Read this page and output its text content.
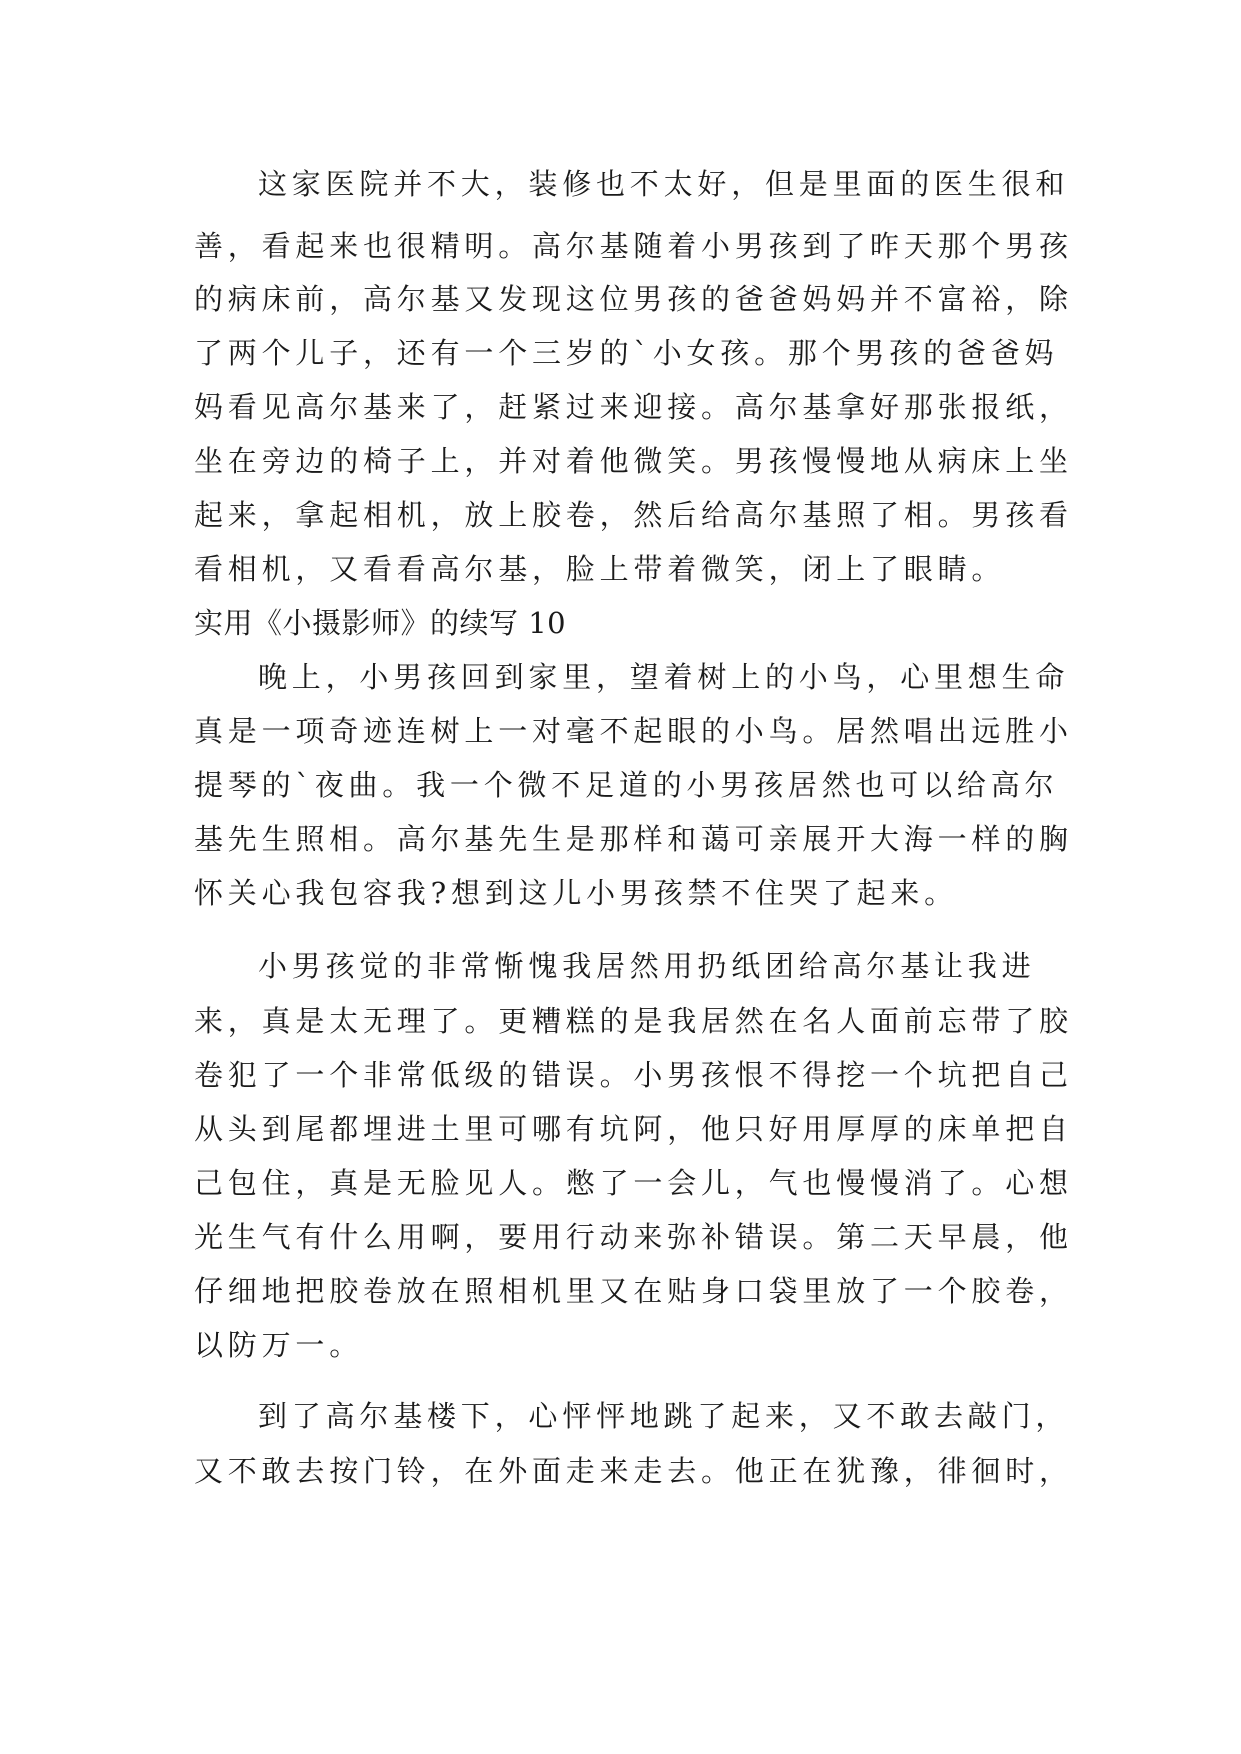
这家医院并不大，装修也不太好，但是里面的医生很和
善，看起来也很精明。高尔基随着小男孩到了昨天那个男孩
的病床前，高尔基又发现这位男孩的爸爸妈妈并不富裕，除
了两个儿子，还有一个三岁的`小女孩。那个男孩的爸爸妈
妈看见高尔基来了，赶紧过来迎接。高尔基拿好那张报纸，
坐在旁边的椅子上，并对着他微笑。男孩慢慢地从病床上坐
起来，拿起相机，放上胶卷，然后给高尔基照了相。男孩看
看相机，又看看高尔基，脸上带着微笑，闭上了眼睛。
实用《小摄影师》的续写 10
晚上，小男孩回到家里，望着树上的小鸟，心里想生命
真是一项奇迹连树上一对毫不起眼的小鸟。居然唱出远胜小
提琴的`夜曲。我一个微不足道的小男孩居然也可以给高尔
基先生照相。高尔基先生是那样和蔼可亲展开大海一样的胸
怀关心我包容我?想到这儿小男孩禁不住哭了起来。
小男孩觉的非常惭愧我居然用扔纸团给高尔基让我进
来，真是太无理了。更糟糕的是我居然在名人面前忘带了胶
卷犯了一个非常低级的错误。小男孩恨不得挖一个坑把自己
从头到尾都埋进土里可哪有坑阿，他只好用厚厚的床单把自
己包住，真是无脸见人。憋了一会儿，气也慢慢消了。心想
光生气有什么用啊，要用行动来弥补错误。第二天早晨，他
仔细地把胶卷放在照相机里又在贴身口袋里放了一个胶卷，
以防万一。
到了高尔基楼下，心怦怦地跳了起来，又不敢去敲门，
又不敢去按门铃，在外面走来走去。他正在犹豫，徘徊时，
